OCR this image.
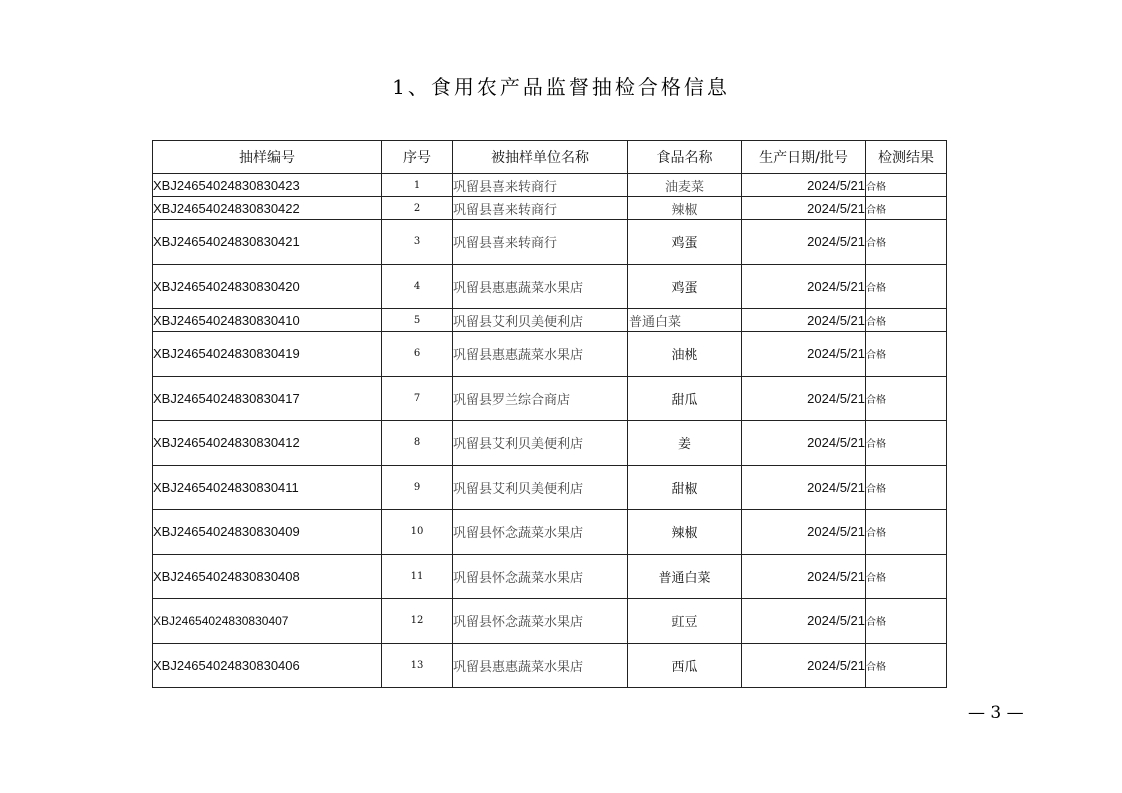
1、食用农产品监督抽检合格信息
抽样编号	序号	被抽样单位名称	食品名称	生产日期/批号	检测结果
XBJ24654024830830423	1	巩留县喜来转商行	油麦菜	2024/5/21	合格
XBJ24654024830830422	2	巩留县喜来转商行	辣椒	2024/5/21	合格
XBJ24654024830830421	3	巩留县喜来转商行	鸡蛋	2024/5/21	合格
XBJ24654024830830420	4	巩留县惠惠蔬菜水果店	鸡蛋	2024/5/21	合格
XBJ24654024830830410	5	巩留县艾利贝美便利店	普通白菜	2024/5/21	合格
XBJ24654024830830419	6	巩留县惠惠蔬菜水果店	油桃	2024/5/21	合格
XBJ24654024830830417	7	巩留县罗兰综合商店	甜瓜	2024/5/21	合格
XBJ24654024830830412	8	巩留县艾利贝美便利店	姜	2024/5/21	合格
XBJ24654024830830411	9	巩留县艾利贝美便利店	甜椒	2024/5/21	合格
XBJ24654024830830409	10	巩留县怀念蔬菜水果店	辣椒	2024/5/21	合格
XBJ24654024830830408	11	巩留县怀念蔬菜水果店	普通白菜	2024/5/21	合格
XBJ24654024830830407	12	巩留县怀念蔬菜水果店	豇豆	2024/5/21	合格
XBJ24654024830830406	13	巩留县惠惠蔬菜水果店	西瓜	2024/5/21	合格
— 3 —
